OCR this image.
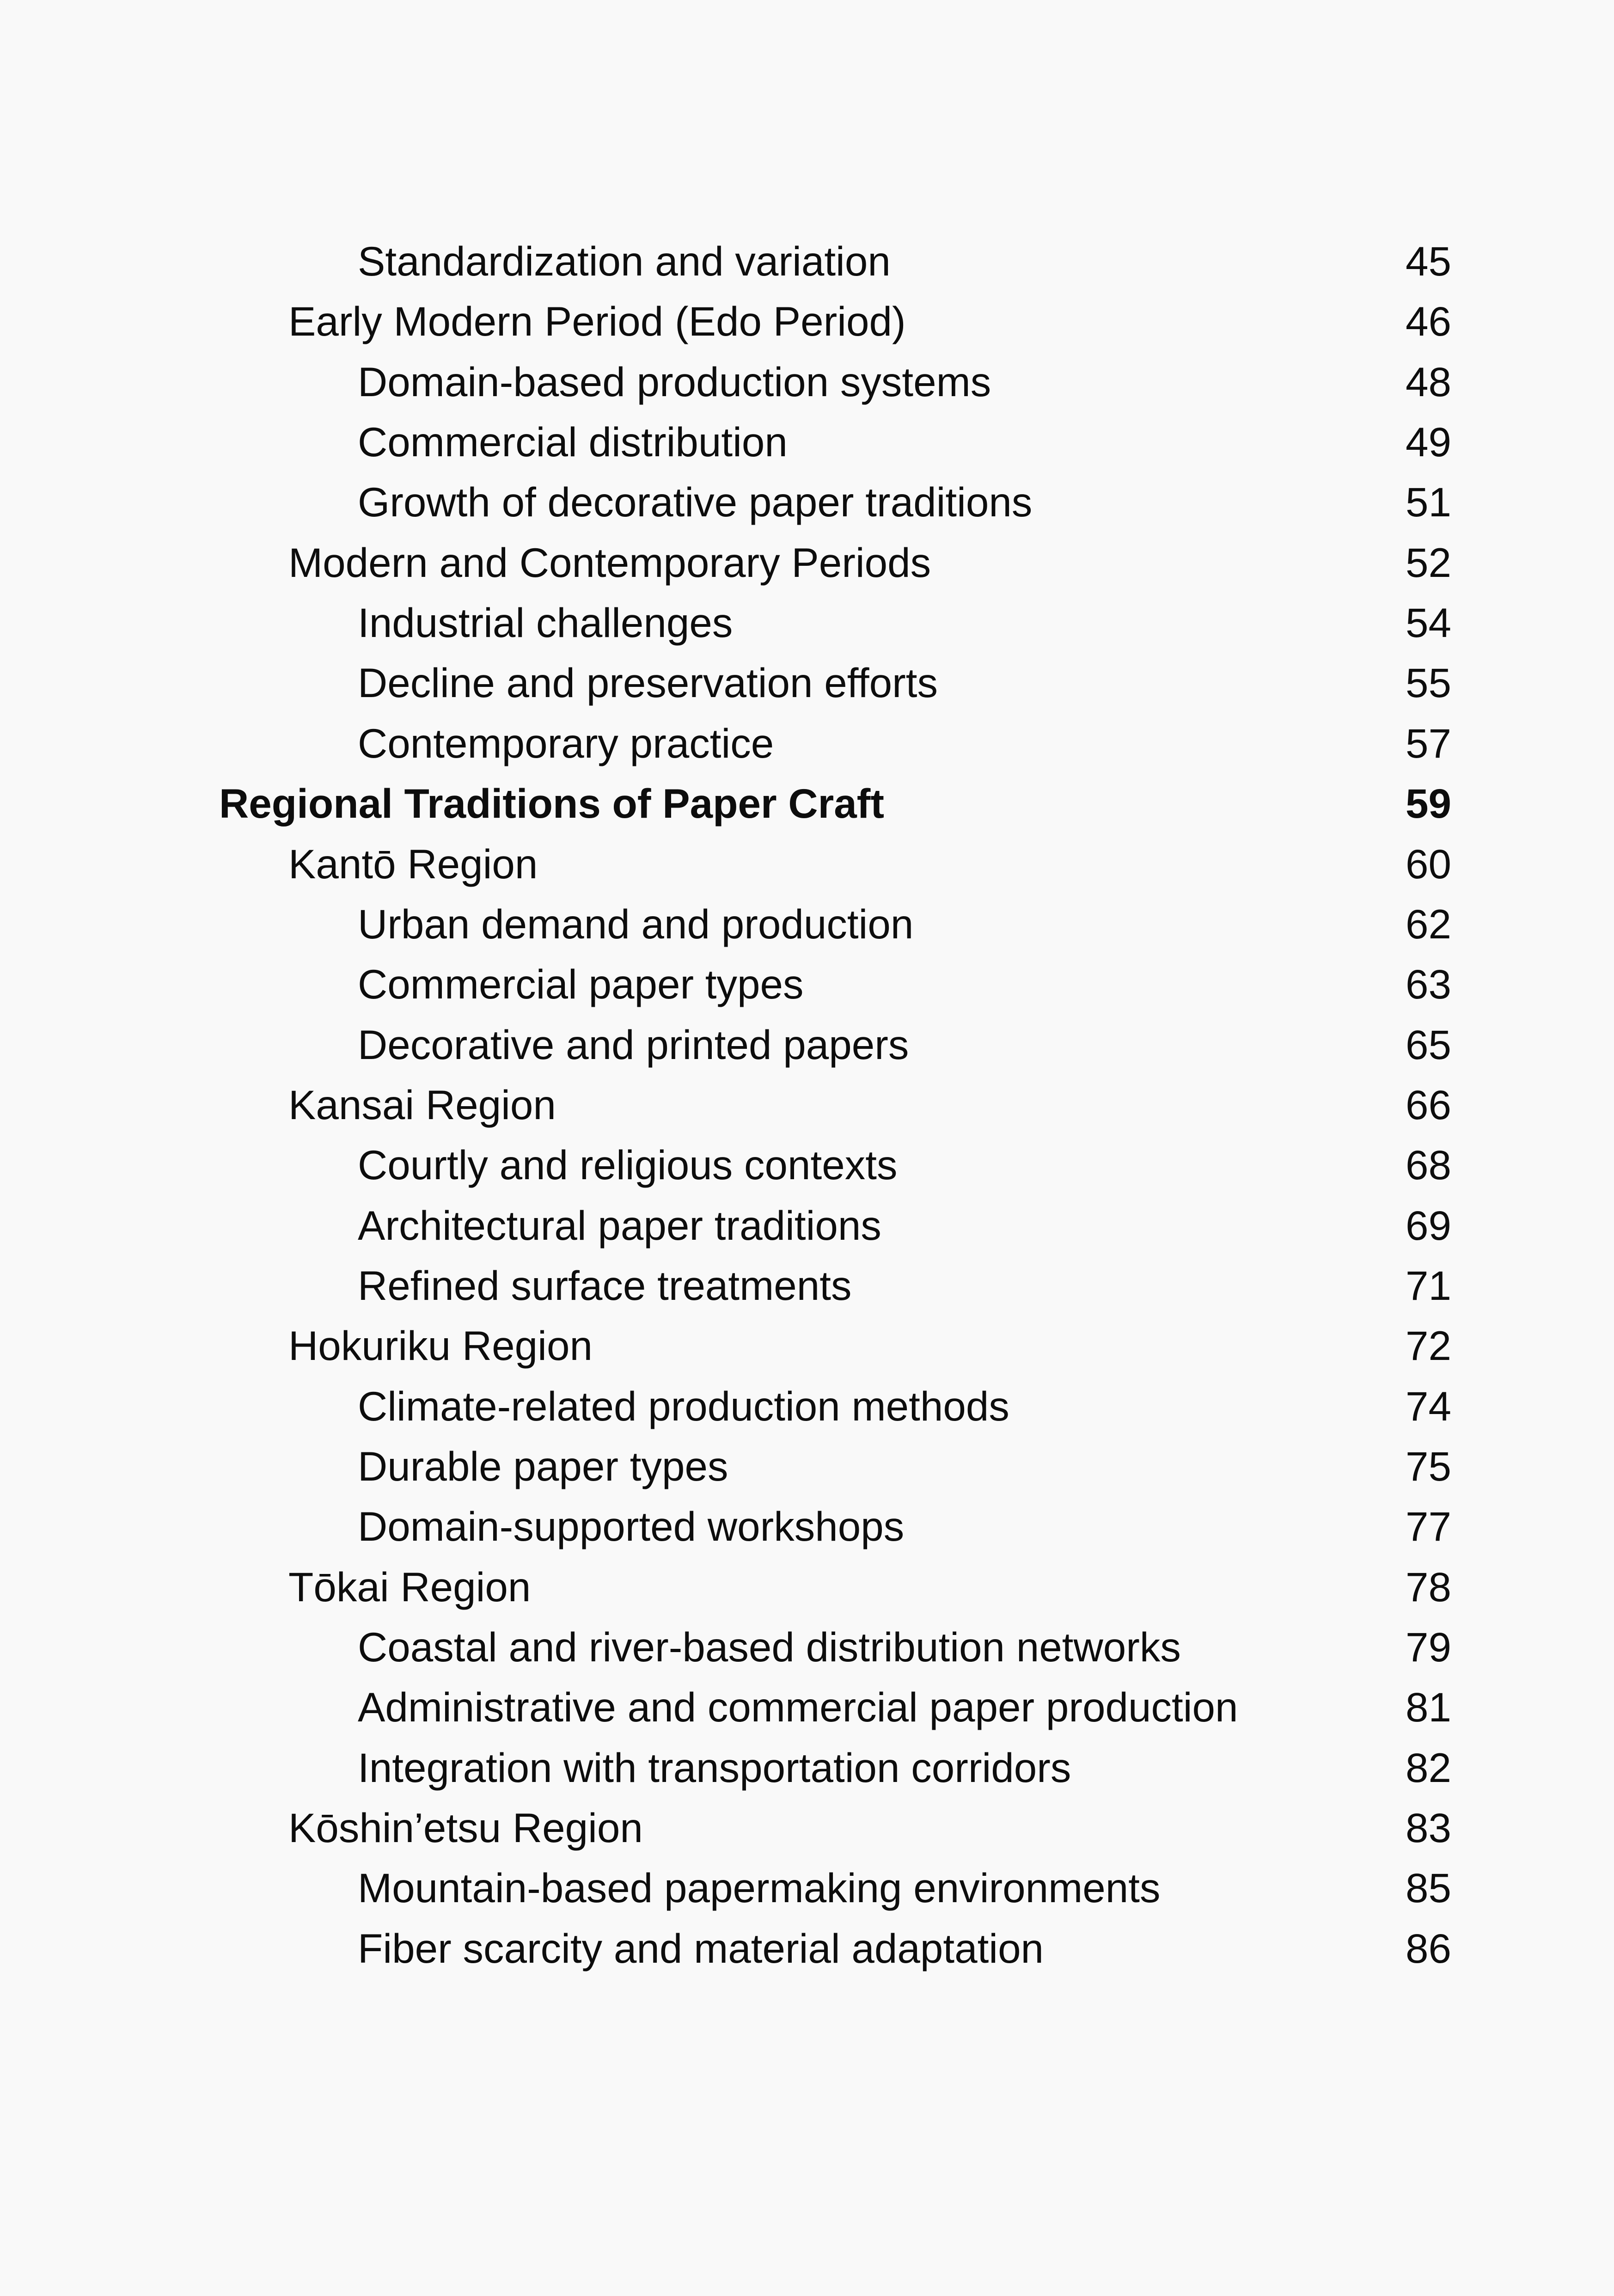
Standardization and variation	45
Early Modern Period (Edo Period)	46
Domain-based production systems	48
Commercial distribution	49
Growth of decorative paper traditions	51
Modern and Contemporary Periods	52
Industrial challenges	54
Decline and preservation efforts	55
Contemporary practice	57
Regional Traditions of Paper Craft	59
Kantō Region	60
Urban demand and production	62
Commercial paper types	63
Decorative and printed papers	65
Kansai Region	66
Courtly and religious contexts	68
Architectural paper traditions	69
Refined surface treatments	71
Hokuriku Region	72
Climate-related production methods	74
Durable paper types	75
Domain-supported workshops	77
Tōkai Region	78
Coastal and river-based distribution networks	79
Administrative and commercial paper production	81
Integration with transportation corridors	82
Kōshin’etsu Region	83
Mountain-based papermaking environments	85
Fiber scarcity and material adaptation	86
